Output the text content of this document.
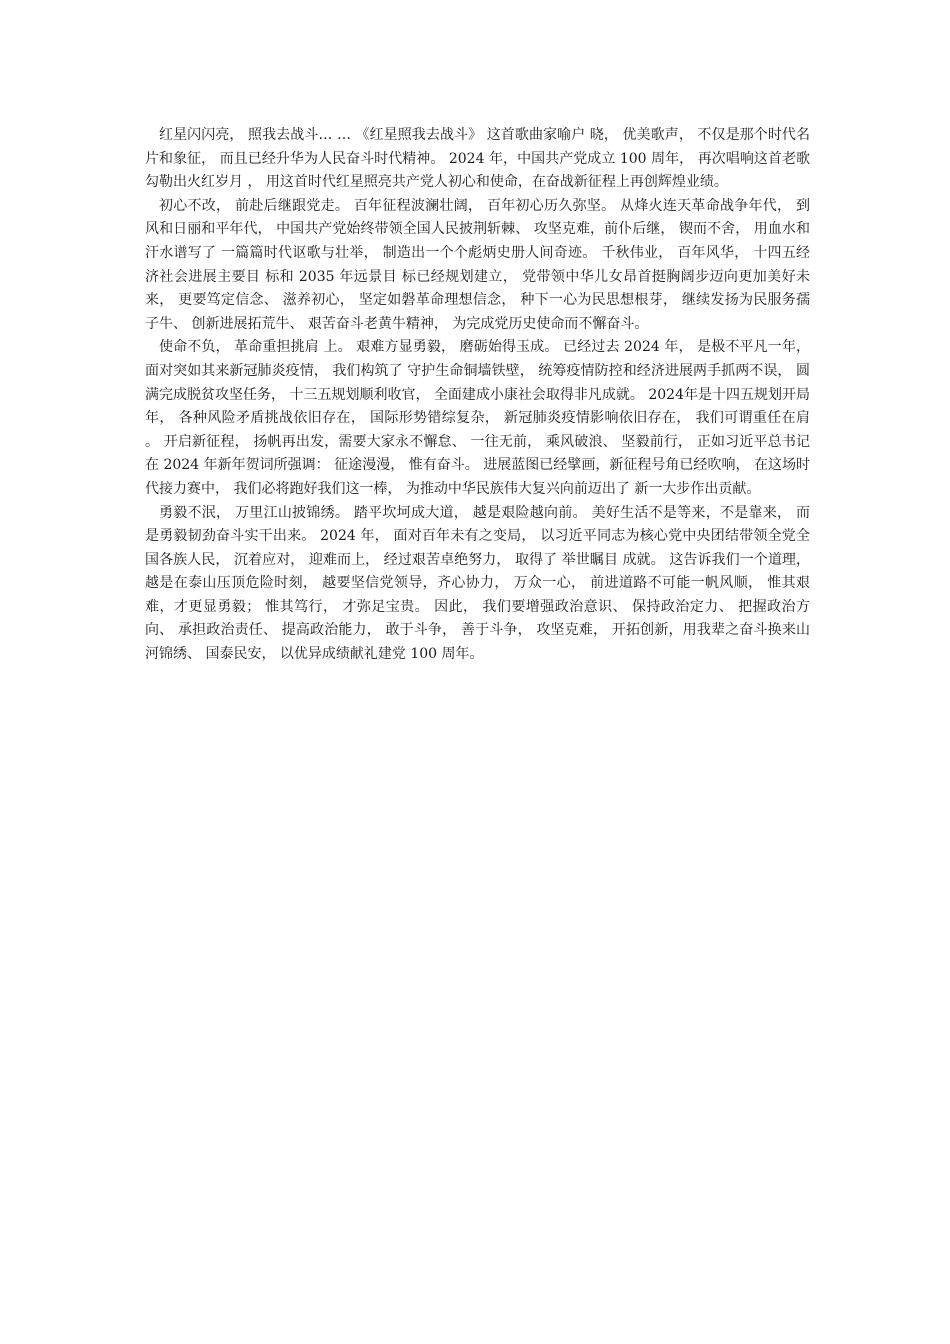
红星闪闪亮， 照我去战斗… … 《红星照我去战斗》 这首歌曲家喻户 晓， 优美歌声， 不仅是那个时代名片和象征， 而且已经升华为人民奋斗时代精神。 2024 年，中国共产党成立 100 周年， 再次唱响这首老歌勾勒出火红岁月 ， 用这首时代红星照亮共产党人初心和使命，在奋战新征程上再创辉煌业绩。

初心不改， 前赴后继跟党走。 百年征程波澜壮阔， 百年初心历久弥坚。 从烽火连天革命战争年代， 到风和日丽和平年代， 中国共产党始终带领全国人民披荆斩棘、 攻坚克难，前仆后继， 锲而不舍， 用血水和汗水谱写了 一篇篇时代讴歌与壮举， 制造出一个个彪炳史册人间奇迹。 千秋伟业， 百年风华， 十四五经济社会进展主要目 标和 2035 年远景目 标已经规划建立， 党带领中华儿女昂首挺胸阔步迈向更加美好未来， 更要笃定信念、 滋养初心， 坚定如磐革命理想信念， 种下一心为民思想根芽， 继续发扬为民服务孺子牛、 创新进展拓荒牛、 艰苦奋斗老黄牛精神， 为完成党历史使命而不懈奋斗。

使命不负， 革命重担挑肩 上。 艰难方显勇毅， 磨砺始得玉成。 已经过去 2024 年， 是极不平凡一年， 面对突如其来新冠肺炎疫情， 我们构筑了 守护生命铜墙铁壁， 统筹疫情防控和经济进展两手抓两不误， 圆满完成脱贫攻坚任务， 十三五规划顺利收官， 全面建成小康社会取得非凡成就。 2024年是十四五规划开局年， 各种风险矛盾挑战依旧存在， 国际形势错综复杂， 新冠肺炎疫情影响依旧存在， 我们可谓重任在肩 。 开启新征程， 扬帆再出发，需要大家永不懈怠、 一往无前， 乘风破浪、 坚毅前行， 正如习近平总书记在 2024 年新年贺词所强调： 征途漫漫， 惟有奋斗。 进展蓝图已经擘画，新征程号角已经吹响， 在这场时代接力赛中， 我们必将跑好我们这一棒， 为推动中华民族伟大复兴向前迈出了 新一大步作出贡献。

勇毅不泯， 万里江山披锦绣。 踏平坎坷成大道， 越是艰险越向前。 美好生活不是等来，不是靠来， 而是勇毅韧劲奋斗实干出来。 2024 年， 面对百年未有之变局， 以习近平同志为核心党中央团结带领全党全国各族人民， 沉着应对， 迎难而上， 经过艰苦卓绝努力， 取得了 举世瞩目 成就。 这告诉我们一个道理， 越是在泰山压顶危险时刻， 越要坚信党领导，齐心协力， 万众一心， 前进道路不可能一帆风顺， 惟其艰难，才更显勇毅； 惟其笃行， 才弥足宝贵。 因此， 我们要增强政治意识、 保持政治定力、 把握政治方向、 承担政治责任、 提高政治能力， 敢于斗争， 善于斗争， 攻坚克难， 开拓创新，用我辈之奋斗换来山河锦绣、 国泰民安， 以优异成绩献礼建党 100 周年。
